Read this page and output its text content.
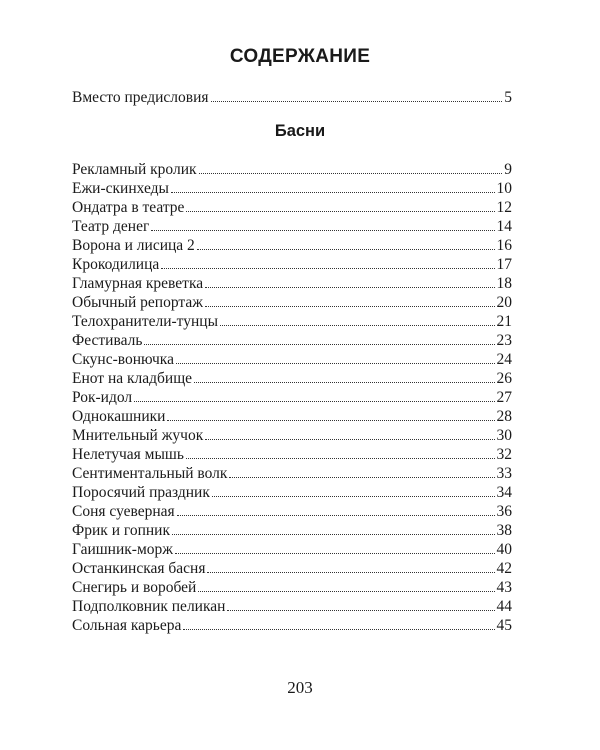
СОДЕРЖАНИЕ
Вместо предисловия	5
Басни
Рекламный кролик	9
Ежи-скинхеды	10
Ондатра в театре	12
Театр денег	14
Ворона и лисица 2	16
Крокодилица	17
Гламурная креветка	18
Обычный репортаж	20
Телохранители-тунцы	21
Фестиваль	23
Скунс-вонючка	24
Енот на кладбище	26
Рок-идол	27
Однокашники	28
Мнительный жучок	30
Нелетучая мышь	32
Сентиментальный волк	33
Поросячий праздник	34
Соня суеверная	36
Фрик и гопник	38
Гаишник-морж	40
Останкинская басня	42
Снегирь и воробей	43
Подполковник пеликан	44
Сольная карьера	45
203
